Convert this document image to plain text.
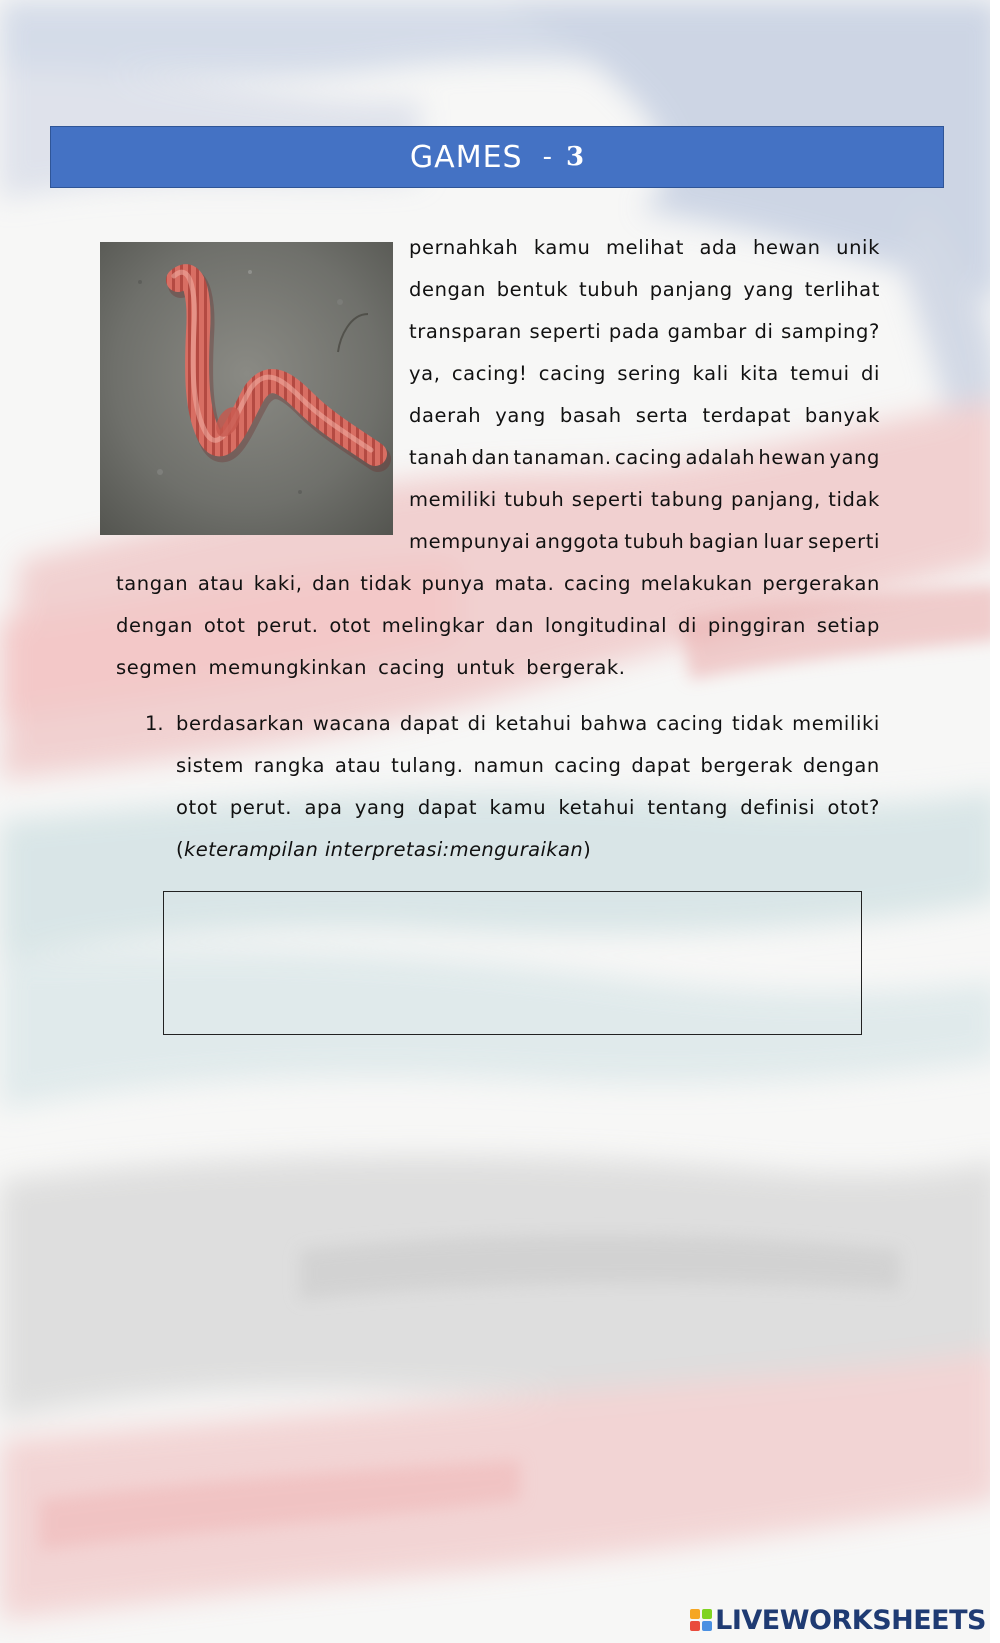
GAMES - 3
pernahkah kamu melihat ada hewan unik
dengan bentuk tubuh panjang yang terlihat
transparan seperti pada gambar di samping?
ya, cacing! cacing sering kali kita temui di
daerah yang basah serta terdapat banyak
tanah dan tanaman. cacing adalah hewan yang
memiliki tubuh seperti tabung panjang, tidak
mempunyai anggota tubuh bagian luar seperti
tangan atau kaki, dan tidak punya mata. cacing melakukan pergerakan
dengan otot perut. otot melingkar dan longitudinal di pinggiran setiap
segmen memungkinkan cacing untuk bergerak.
1. berdasarkan wacana dapat di ketahui bahwa cacing tidak memiliki
sistem rangka atau tulang. namun cacing dapat bergerak dengan
otot perut. apa yang dapat kamu ketahui tentang definisi otot?
(keterampilan interpretasi:menguraikan)
LIVEWORKSHEETS
